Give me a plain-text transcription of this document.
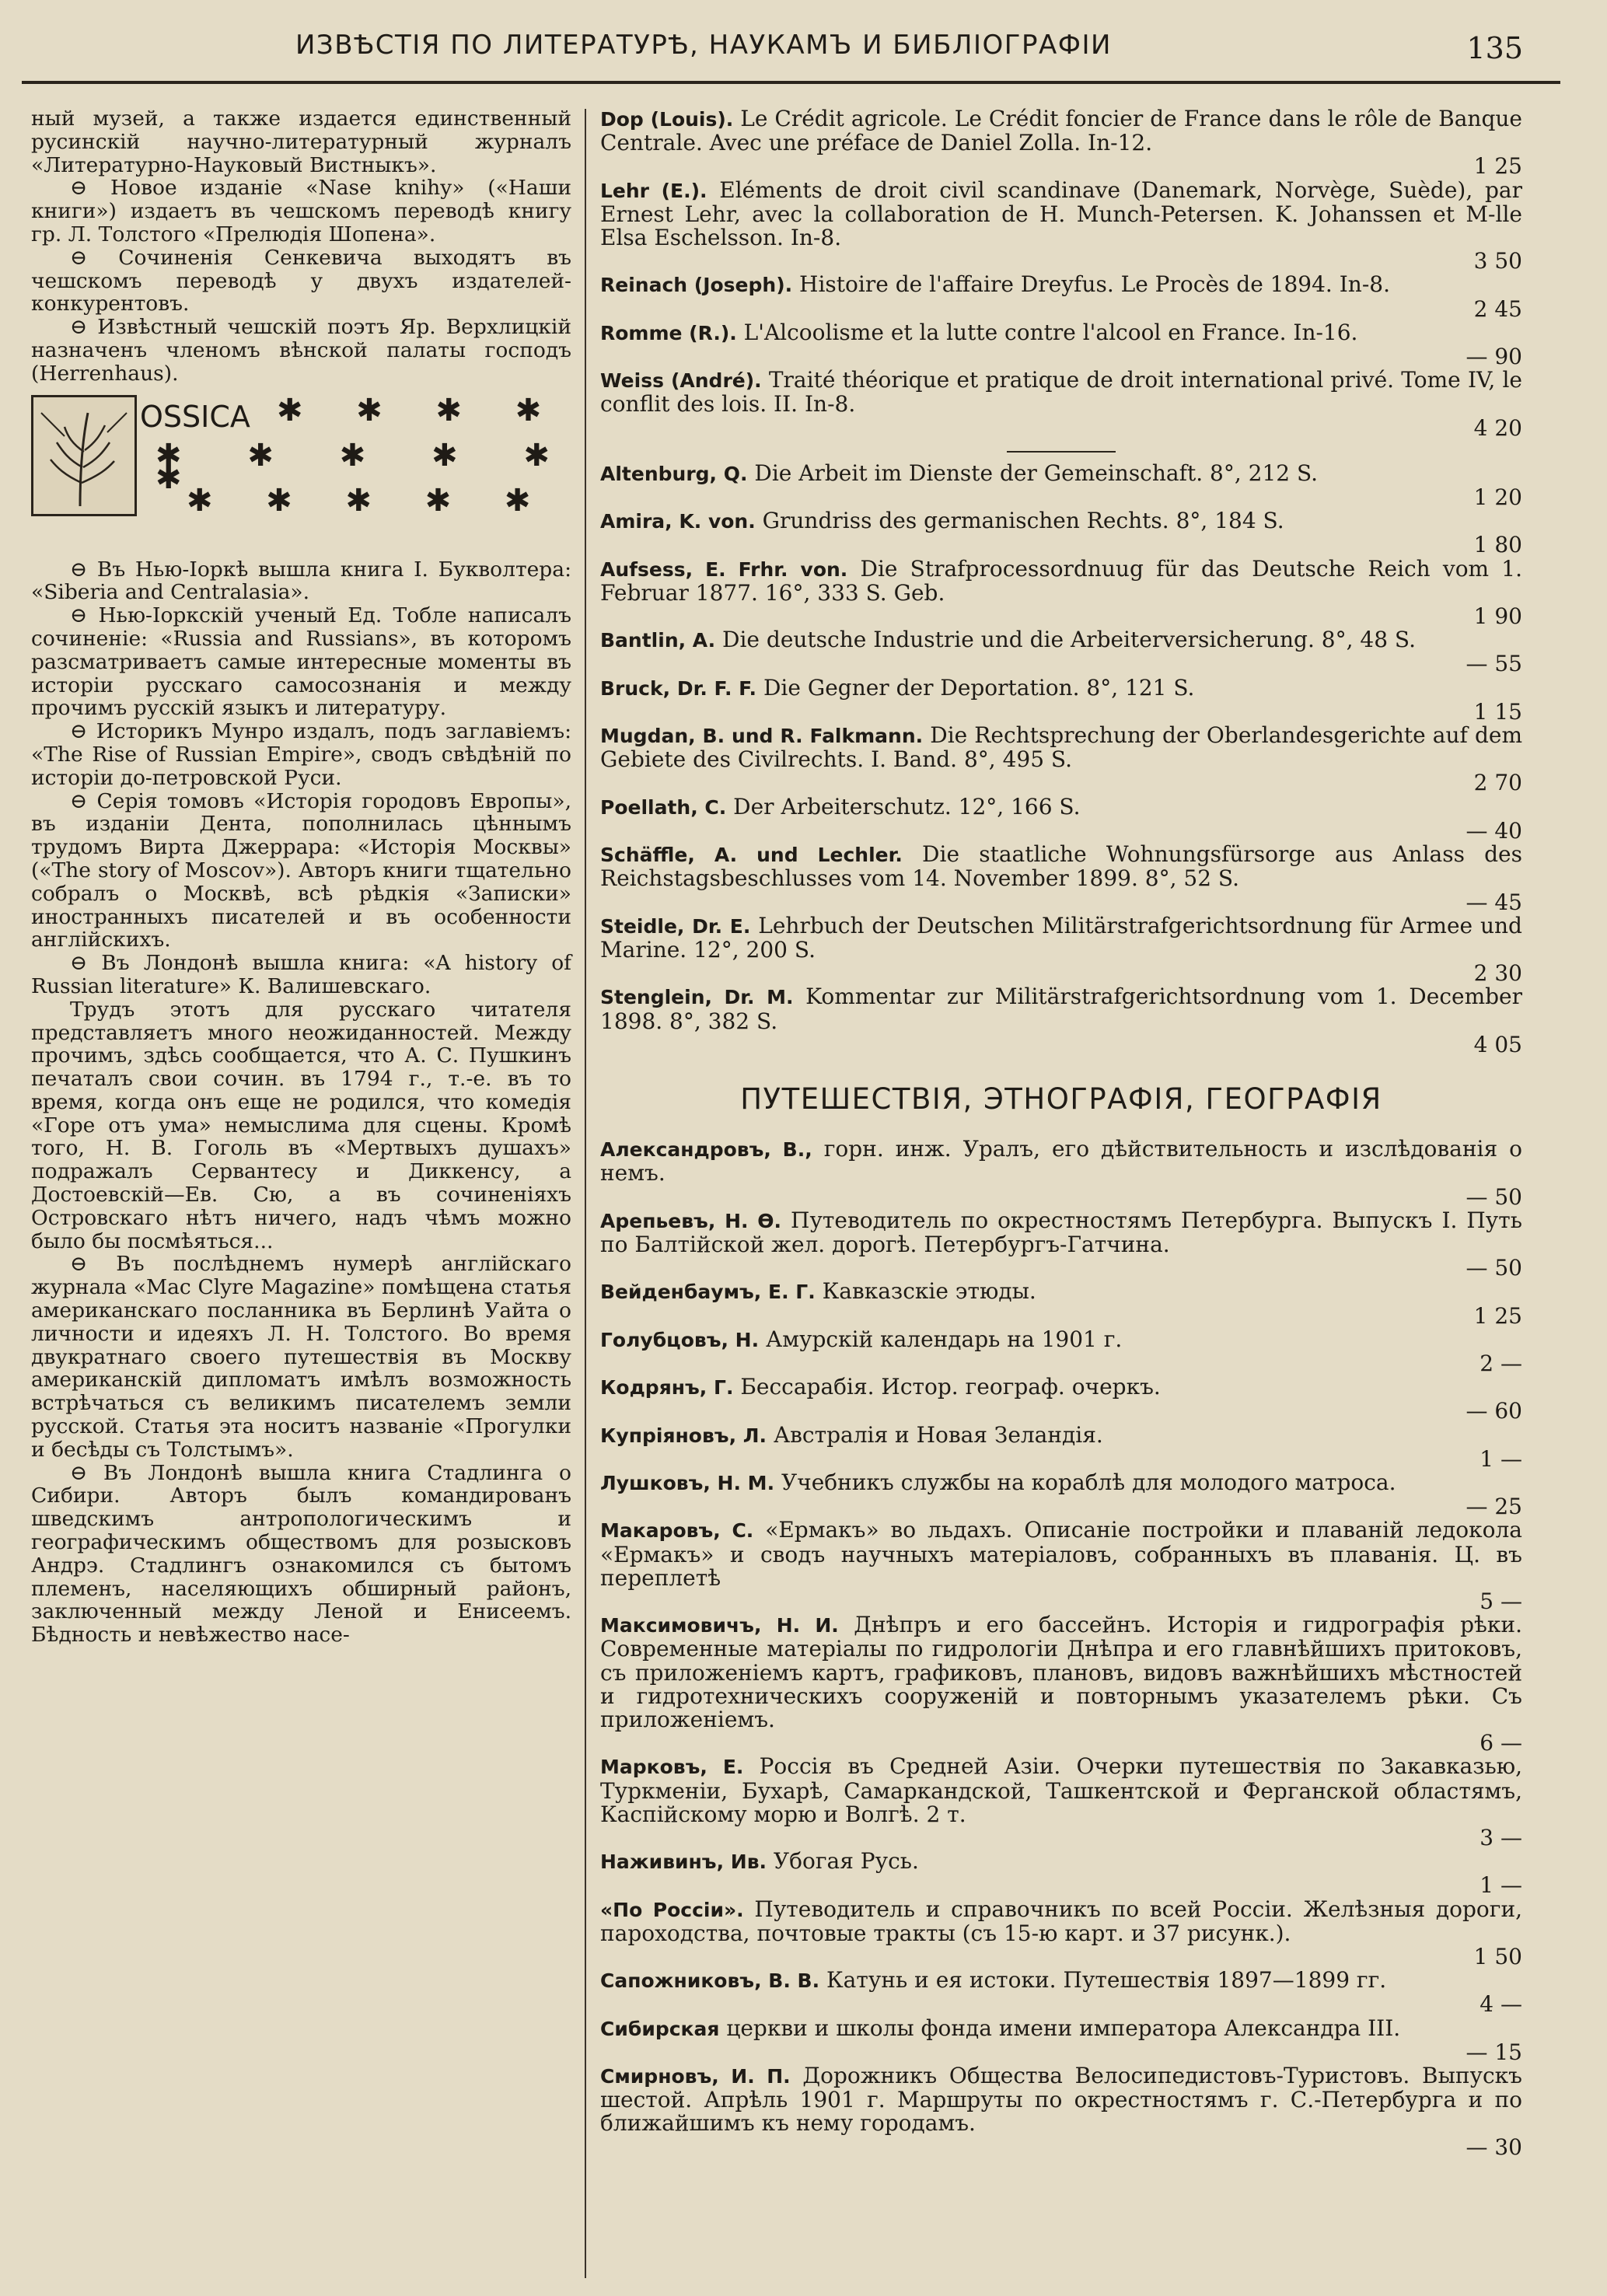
ИЗВѢСТІЯ ПО ЛИТЕРАТУРѢ, НАУКАМЪ И БИБЛІОГРАФІИ	135

ный музей, а также издается единственный русинскій научно-литературный журналъ «Литературно-Науковый Вистныкъ».

⊖ Новое изданіе «Nase knihy» («Наши книги») издаетъ въ чешскомъ переводѣ книгу гр. Л. Толстого «Прелюдія Шопена».

⊖ Сочиненія Сенкевича выходятъ въ чешскомъ переводѣ у двухъ издателей-конкурентовъ.

⊖ Извѣстный чешскій поэтъ Яр. Верхлицкій назначенъ членомъ вѣнской палаты господъ (Herrenhaus).

OSSICA ✱ ✱ ✱ ✱
✱ ✱ ✱ ✱ ✱ ✱
✱ ✱ ✱ ✱ ✱

⊖ Въ Нью-Іоркѣ вышла книга I. Букволтера: «Siberia and Centralasia».

⊖ Нью-Іоркскій ученый Ед. Тобле написалъ сочиненіе: «Russia and Russians», въ которомъ разсматриваетъ самые интересные моменты въ исторіи русскаго самосознанія и между прочимъ русскій языкъ и литературу.

⊖ Историкъ Мунро издалъ, подъ заглавіемъ: «The Rise of Russian Empire», сводъ свѣдѣній по исторіи до-петровской Руси.

⊖ Серія томовъ «Исторія городовъ Европы», въ изданіи Дента, пополнилась цѣннымъ трудомъ Вирта Джеррара: «Исторія Москвы» («The story of Moscov»). Авторъ книги тщательно собралъ о Москвѣ, всѣ рѣдкія «Записки» иностранныхъ писателей и въ особенности англійскихъ.

⊖ Въ Лондонѣ вышла книга: «A history of Russian literature» К. Валишевскаго.

Трудъ этотъ для русскаго читателя представляетъ много неожиданностей. Между прочимъ, здѣсь сообщается, что А. С. Пушкинъ печаталъ свои сочин. въ 1794 г., т.-е. въ то время, когда онъ еще не родился, что комедія «Горе отъ ума» немыслима для сцены. Кромѣ того, Н. В. Гоголь въ «Мертвыхъ душахъ» подражалъ Сервантесу и Диккенсу, а Достоевскій—Ев. Сю, а въ сочиненіяхъ Островскаго нѣтъ ничего, надъ чѣмъ можно было бы посмѣяться...

⊖ Въ послѣднемъ нумерѣ англійскаго журнала «Mac Clyre Magazine» помѣщена статья американскаго посланника въ Берлинѣ Уайта о личности и идеяхъ Л. Н. Толстого. Во время двукратнаго своего путешествія въ Москву американскій дипломатъ имѣлъ возможность встрѣчаться съ великимъ писателемъ земли русской. Статья эта носитъ названіе «Прогулки и бесѣды съ Толстымъ».

⊖ Въ Лондонѣ вышла книга Стадлинга о Сибири. Авторъ былъ командированъ шведскимъ антропологическимъ и географическимъ обществомъ для розысковъ Андрэ. Стадлингъ ознакомился съ бытомъ племенъ, населяющихъ обширный районъ, заключенный между Леной и Енисеемъ. Бѣдность и невѣжество насе-

Dop (Louis). Le Crédit agricole. Le Crédit foncier de France dans le rôle de Banque Centrale. Avec une préface de Daniel Zolla. In-12.
1 25
Lehr (E.). Eléments de droit civil scandinave (Danemark, Norvège, Suède), par Ernest Lehr, avec la collaboration de H. Munch-Petersen. K. Johanssen et M-lle Elsa Eschelsson. In-8.
3 50
Reinach (Joseph). Histoire de l'affaire Dreyfus. Le Procès de 1894. In-8.
2 45
Romme (R.). L'Alcoolisme et la lutte contre l'alcool en France. In-16.
— 90
Weiss (André). Traité théorique et pratique de droit international privé. Tome IV, le conflit des lois. II. In-8.
4 20
Altenburg, Q. Die Arbeit im Dienste der Gemeinschaft. 8°, 212 S.
1 20
Amira, K. von. Grundriss des germanischen Rechts. 8°, 184 S.
1 80
Aufsess, E. Frhr. von. Die Strafprocessordnuug für das Deutsche Reich vom 1. Februar 1877. 16°, 333 S. Geb.
1 90
Bantlin, A. Die deutsche Industrie und die Arbeiterversicherung. 8°, 48 S.
— 55
Bruck, Dr. F. F. Die Gegner der Deportation. 8°, 121 S.
1 15
Mugdan, B. und R. Falkmann. Die Rechtsprechung der Oberlandesgerichte auf dem Gebiete des Civilrechts. I. Band. 8°, 495 S.
2 70
Poellath, C. Der Arbeiterschutz. 12°, 166 S.
— 40
Schäffle, A. und Lechler. Die staatliche Wohnungsfürsorge aus Anlass des Reichstagsbeschlusses vom 14. November 1899. 8°, 52 S.
— 45
Steidle, Dr. E. Lehrbuch der Deutschen Militärstrafgerichtsordnung für Armee und Marine. 12°, 200 S.
2 30
Stenglein, Dr. M. Kommentar zur Militärstrafgerichtsordnung vom 1. December 1898. 8°, 382 S.
4 05
ПУТЕШЕСТВІЯ, ЭТНОГРАФІЯ, ГЕОГРАФІЯ
Александровъ, В., горн. инж. Уралъ, его дѣйствительность и изслѣдованія о немъ.
— 50
Арепьевъ, Н. Ѳ. Путеводитель по окрестностямъ Петербурга. Выпускъ I. Путь по Балтійской жел. дорогѣ. Петербургъ-Гатчина.
— 50
Вейденбаумъ, Е. Г. Кавказскіе этюды.
1 25
Голубцовъ, Н. Амурскій календарь на 1901 г.
2 —
Кодрянъ, Г. Бессарабія. Истор. географ. очеркъ.
— 60
Купріяновъ, Л. Австралія и Новая Зеландія.
1 —
Лушковъ, Н. М. Учебникъ службы на кораблѣ для молодого матроса.
— 25
Макаровъ, С. «Ермакъ» во льдахъ. Описаніе постройки и плаваній ледокола «Ермакъ» и сводъ научныхъ матеріаловъ, собранныхъ въ плаванія. Ц. въ переплетѣ
5 —
Максимовичъ, Н. И. Днѣпръ и его бассейнъ. Исторія и гидрографія рѣки. Современные матеріалы по гидрологіи Днѣпра и его главнѣйшихъ притоковъ, съ приложеніемъ картъ, графиковъ, плановъ, видовъ важнѣйшихъ мѣстностей и гидротехническихъ сооруженій и повторнымъ указателемъ рѣки. Съ приложеніемъ.
6 —
Марковъ, Е. Россія въ Средней Азіи. Очерки путешествія по Закавказью, Туркменіи, Бухарѣ, Самаркандской, Ташкентской и Ферганской областямъ, Каспійскому морю и Волгѣ. 2 т.
3 —
Наживинъ, Ив. Убогая Русь.
1 —
«По Россіи». Путеводитель и справочникъ по всей Россіи. Желѣзныя дороги, пароходства, почтовые тракты (съ 15-ю карт. и 37 рисунк.).
1 50
Сапожниковъ, В. В. Катунь и ея истоки. Путешествія 1897—1899 гг.
4 —
Сибирская церкви и школы фонда имени императора Александра III.
— 15
Смирновъ, И. П. Дорожникъ Общества Велосипедистовъ-Туристовъ. Выпускъ шестой. Апрѣль 1901 г. Маршруты по окрестностямъ г. С.-Петербурга и по ближайшимъ къ нему городамъ.
— 30
